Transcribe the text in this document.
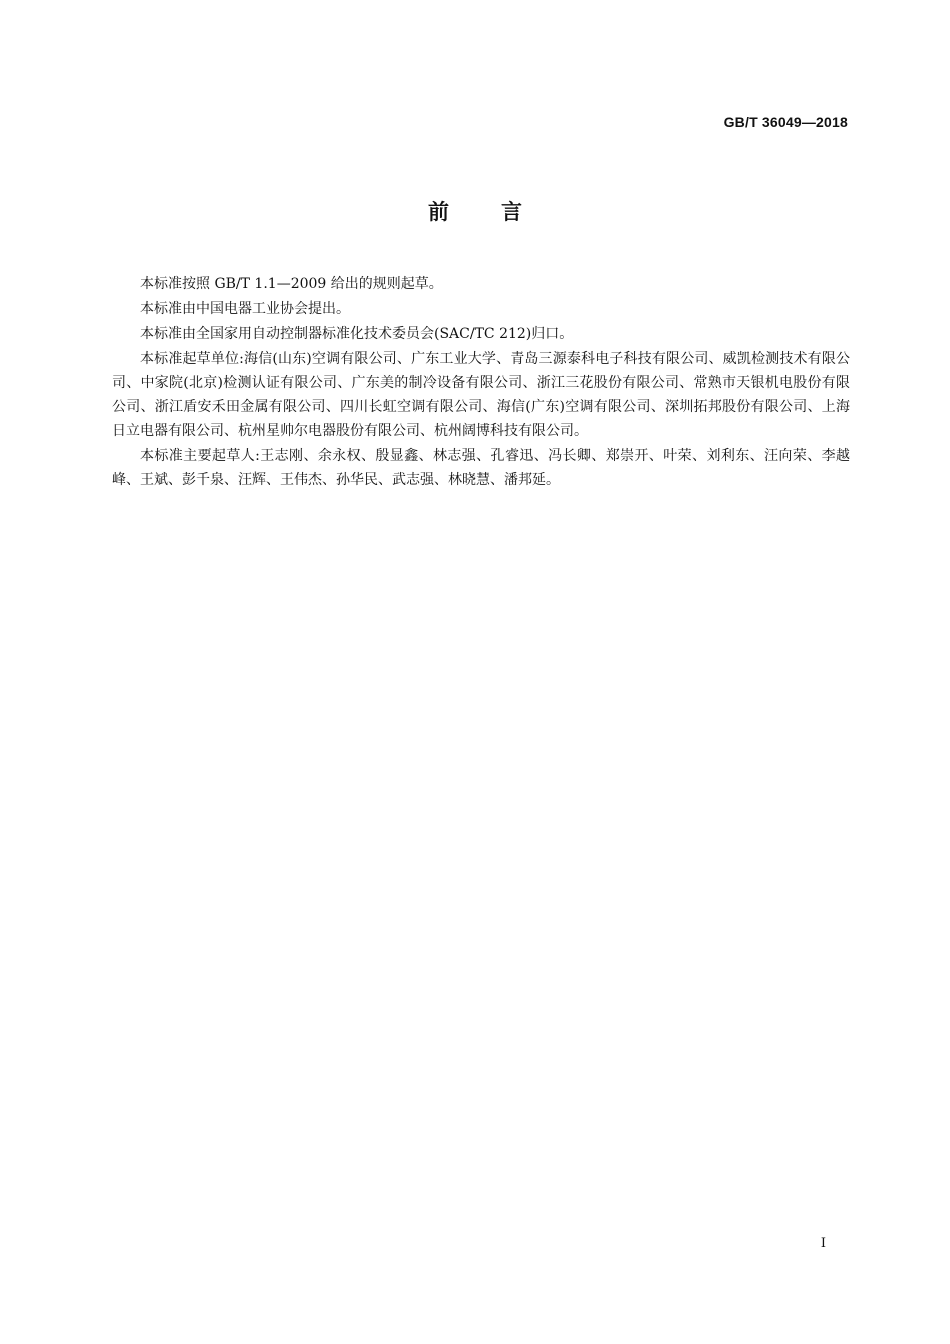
GB/T 36049—2018
前 言

本标准按照 GB/T 1.1—2009 给出的规则起草。

本标准由中国电器工业协会提出。

本标准由全国家用自动控制器标准化技术委员会(SAC/TC 212)归口。

本标准起草单位:海信(山东)空调有限公司、广东工业大学、青岛三源泰科电子科技有限公司、威凯检测技术有限公司、中家院(北京)检测认证有限公司、广东美的制冷设备有限公司、浙江三花股份有限公司、常熟市天银机电股份有限公司、浙江盾安禾田金属有限公司、四川长虹空调有限公司、海信(广东)空调有限公司、深圳拓邦股份有限公司、上海日立电器有限公司、杭州星帅尔电器股份有限公司、杭州阔博科技有限公司。

本标准主要起草人:王志刚、余永权、殷显鑫、林志强、孔睿迅、冯长卿、郑崇开、叶荣、刘利东、汪向荣、李越峰、王斌、彭千泉、汪辉、王伟杰、孙华民、武志强、林晓慧、潘邦延。

I
